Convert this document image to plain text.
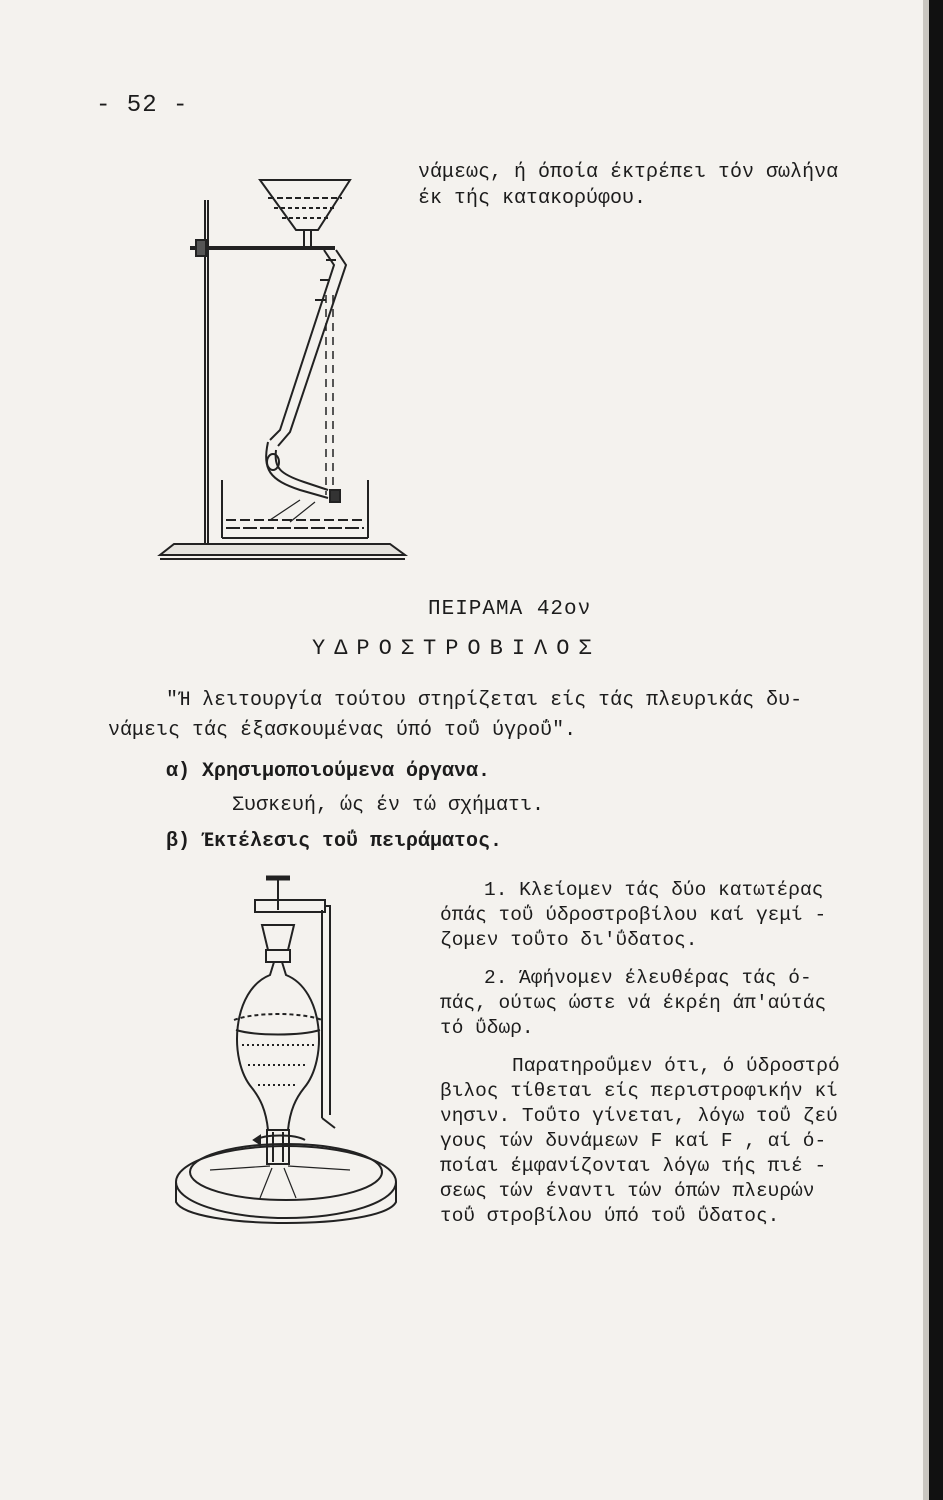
- 52 -
νάμεως, ή όποία έκτρέπει τόν σωλήνα
έκ τής κατακορύφου.
ΠΕΙΡΑΜΑ 42ον
ΥΔΡΟΣΤΡΟΒΙΛΟΣ
"Ή λειτουργία τούτου στηρίζεται είς τάς πλευρικάς δυ-
νάμεις τάς έξασκουμένας ύπό τοΰ ύγροΰ".
α) Χρησιμοποιούμενα όργανα.
Συσκευή, ώς έν τώ σχήματι.
β) Έκτέλεσις τοΰ πειράματος.
1. Κλείομεν τάς δύο κατωτέρας
όπάς τοΰ ύδροστροβίλου καί γεμί -
ζομεν τοΰτο δι'ΰδατος.
2. Άφήνομεν έλευθέρας τάς ό-
πάς, ούτως ώστε νά έκρέη άπ'αύτάς
τό ΰδωρ.
Παρατηροΰμεν ότι, ό ύδροστρό
βιλος τίθεται είς περιστροφικήν κί
νησιν. Τοΰτο γίνεται, λόγω τοΰ ζεύ
γους τών δυνάμεων F καί F , αί ό-
ποίαι έμφανίζονται λόγω τής πιέ -
σεως τών έναντι τών όπών πλευρών
τοΰ στροβίλου ύπό τοΰ ΰδατος.
